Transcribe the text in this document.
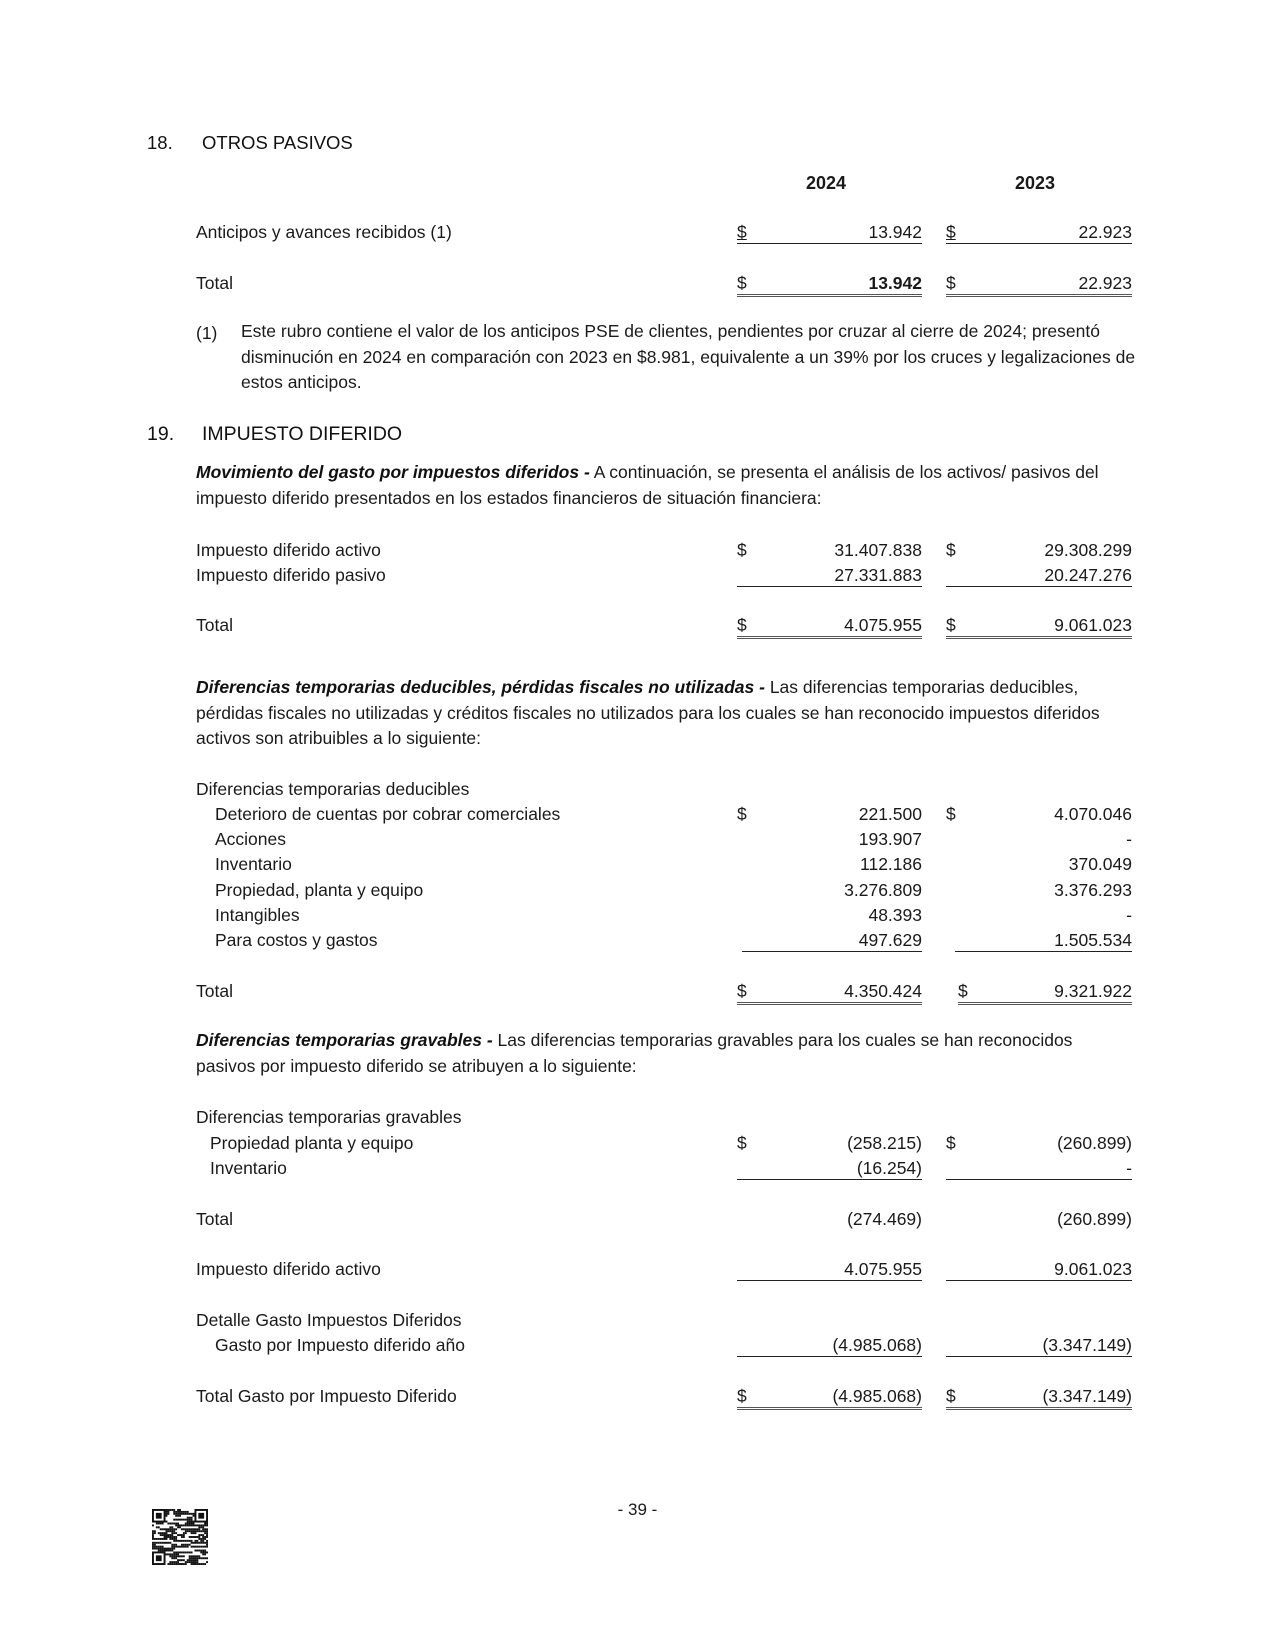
18. OTROS PASIVOS
2024	2023
Anticipos y avances recibidos (1)	$	13.942 $	22.923
Total	$	13.942 $	22.923
(1) Este rubro contiene el valor de los anticipos PSE de clientes, pendientes por cruzar al cierre de 2024; presentó disminución en 2024 en comparación con 2023 en $8.981, equivalente a un 39% por los cruces y legalizaciones de estos anticipos.
19. IMPUESTO DIFERIDO
Movimiento del gasto por impuestos diferidos - A continuación, se presenta el análisis de los activos/ pasivos del impuesto diferido presentados en los estados financieros de situación financiera:
Impuesto diferido activo	$	31.407.838 $	29.308.299
Impuesto diferido pasivo	27.331.883	20.247.276
Total	$	4.075.955 $	9.061.023
Diferencias temporarias deducibles, pérdidas fiscales no utilizadas - Las diferencias temporarias deducibles, pérdidas fiscales no utilizadas y créditos fiscales no utilizados para los cuales se han reconocido impuestos diferidos activos son atribuibles a lo siguiente:
Diferencias temporarias deducibles
Deterioro de cuentas por cobrar comerciales	$	221.500 $	4.070.046
Acciones	193.907	-
Inventario	112.186	370.049
Propiedad, planta y equipo	3.276.809	3.376.293
Intangibles	48.393	-
Para costos y gastos	497.629	1.505.534
Total	$	4.350.424 $	9.321.922
Diferencias temporarias gravables - Las diferencias temporarias gravables para los cuales se han reconocidos pasivos por impuesto diferido se atribuyen a lo siguiente:
Diferencias temporarias gravables
Propiedad planta y equipo	$	(258.215) $	(260.899)
Inventario	(16.254)	-
Total	(274.469)	(260.899)
Impuesto diferido activo	4.075.955	9.061.023
Detalle Gasto Impuestos Diferidos
Gasto por Impuesto diferido año	(4.985.068)	(3.347.149)
Total Gasto por Impuesto Diferido	$	(4.985.068) $	(3.347.149)
- 39 -
